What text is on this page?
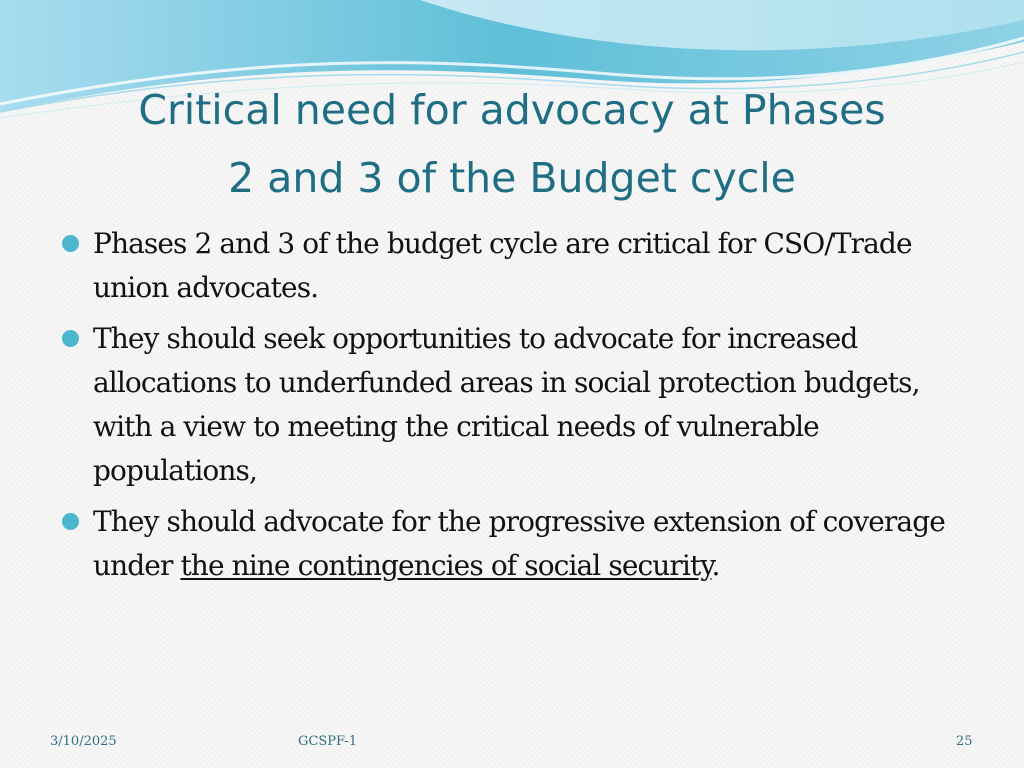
Critical need for advocacy at Phases
2 and 3 of the Budget cycle
Phases 2 and 3 of the budget cycle are critical for CSO/Trade union advocates.
They should seek opportunities to advocate for increased allocations to underfunded areas in social protection budgets, with a view to meeting the critical needs of vulnerable populations,
They should advocate for the progressive extension of coverage under the nine contingencies of social security.

3/10/2025	GCSPF-1	25
